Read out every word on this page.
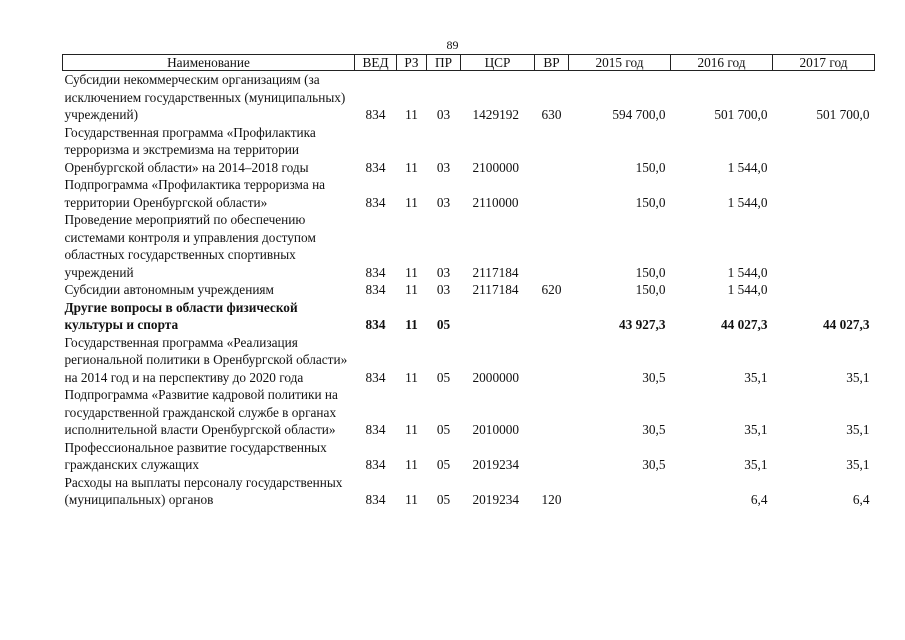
89
Наименование	ВЕД	РЗ	ПР	ЦСР	ВР	2015 год	2016 год	2017 год
Субсидии некоммерческим организациям (за исключением государственных (муниципальных) учреждений)	834	11	03	1429192	630	594 700,0	501 700,0	501 700,0
Государственная программа «Профилактика терроризма и экстремизма на территории Оренбургской области» на 2014–2018 годы	834	11	03	2100000		150,0	1 544,0	
Подпрограмма «Профилактика терроризма на территории Оренбургской области»	834	11	03	2110000		150,0	1 544,0	
Проведение мероприятий по обеспечению системами контроля и управления доступом областных государственных спортивных учреждений	834	11	03	2117184		150,0	1 544,0	
Субсидии автономным учреждениям	834	11	03	2117184	620	150,0	1 544,0	
Другие вопросы в области физической культуры и спорта	834	11	05			43 927,3	44 027,3	44 027,3
Государственная программа «Реализация региональной политики в Оренбургской области» на 2014 год и на перспективу до 2020 года	834	11	05	2000000		30,5	35,1	35,1
Подпрограмма «Развитие кадровой политики на государственной гражданской службе в органах исполнительной власти Оренбургской области»	834	11	05	2010000		30,5	35,1	35,1
Профессиональное развитие государственных гражданских служащих	834	11	05	2019234		30,5	35,1	35,1
Расходы на выплаты персоналу государственных (муниципальных) органов	834	11	05	2019234	120		6,4	6,4
